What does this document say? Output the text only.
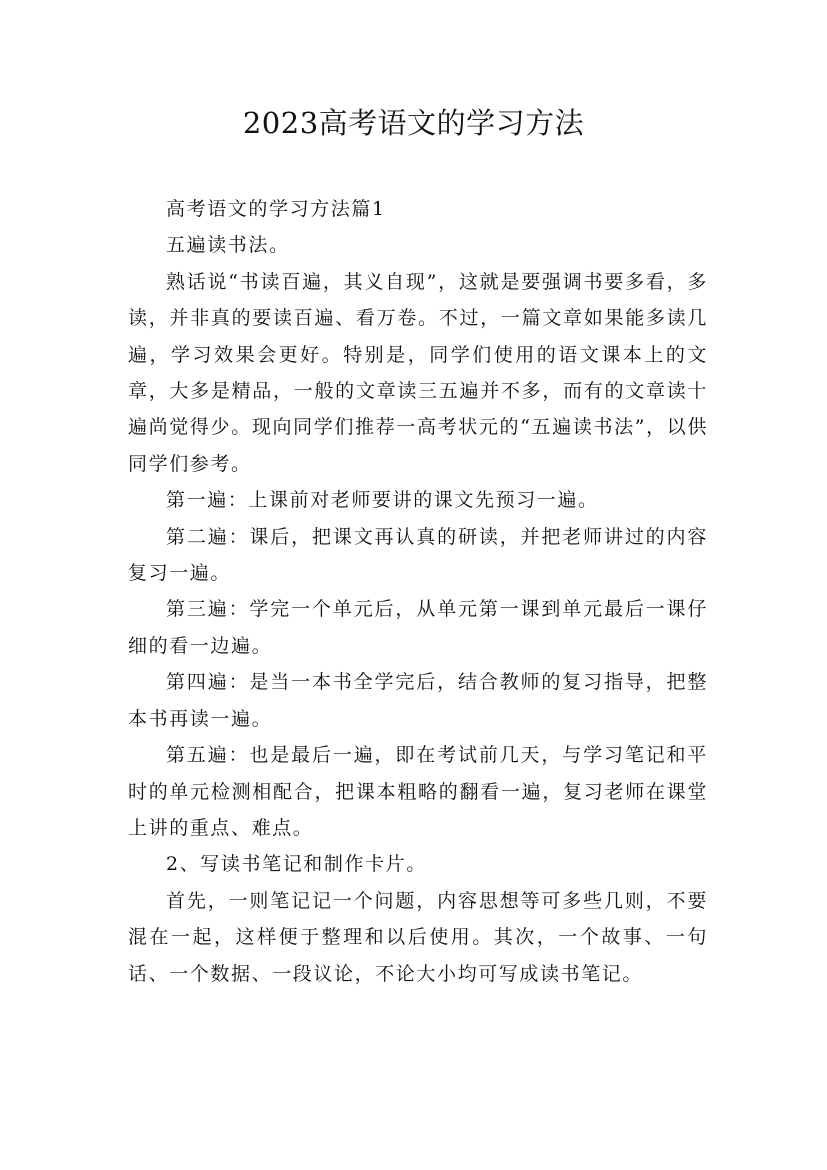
2023高考语文的学习方法

高考语文的学习方法篇1

五遍读书法。

熟话说“书读百遍，其义自现”，这就是要强调书要多看，多读，并非真的要读百遍、看万卷。不过，一篇文章如果能多读几遍，学习效果会更好。特别是，同学们使用的语文课本上的文章，大多是精品，一般的文章读三五遍并不多，而有的文章读十遍尚觉得少。现向同学们推荐一高考状元的“五遍读书法”，以供同学们参考。

第一遍：上课前对老师要讲的课文先预习一遍。

第二遍：课后，把课文再认真的研读，并把老师讲过的内容复习一遍。

第三遍：学完一个单元后，从单元第一课到单元最后一课仔细的看一边遍。

第四遍：是当一本书全学完后，结合教师的复习指导，把整本书再读一遍。

第五遍：也是最后一遍，即在考试前几天，与学习笔记和平时的单元检测相配合，把课本粗略的翻看一遍，复习老师在课堂上讲的重点、难点。

2、写读书笔记和制作卡片。

首先，一则笔记记一个问题，内容思想等可多些几则，不要混在一起，这样便于整理和以后使用。其次，一个故事、一句话、一个数据、一段议论，不论大小均可写成读书笔记。
